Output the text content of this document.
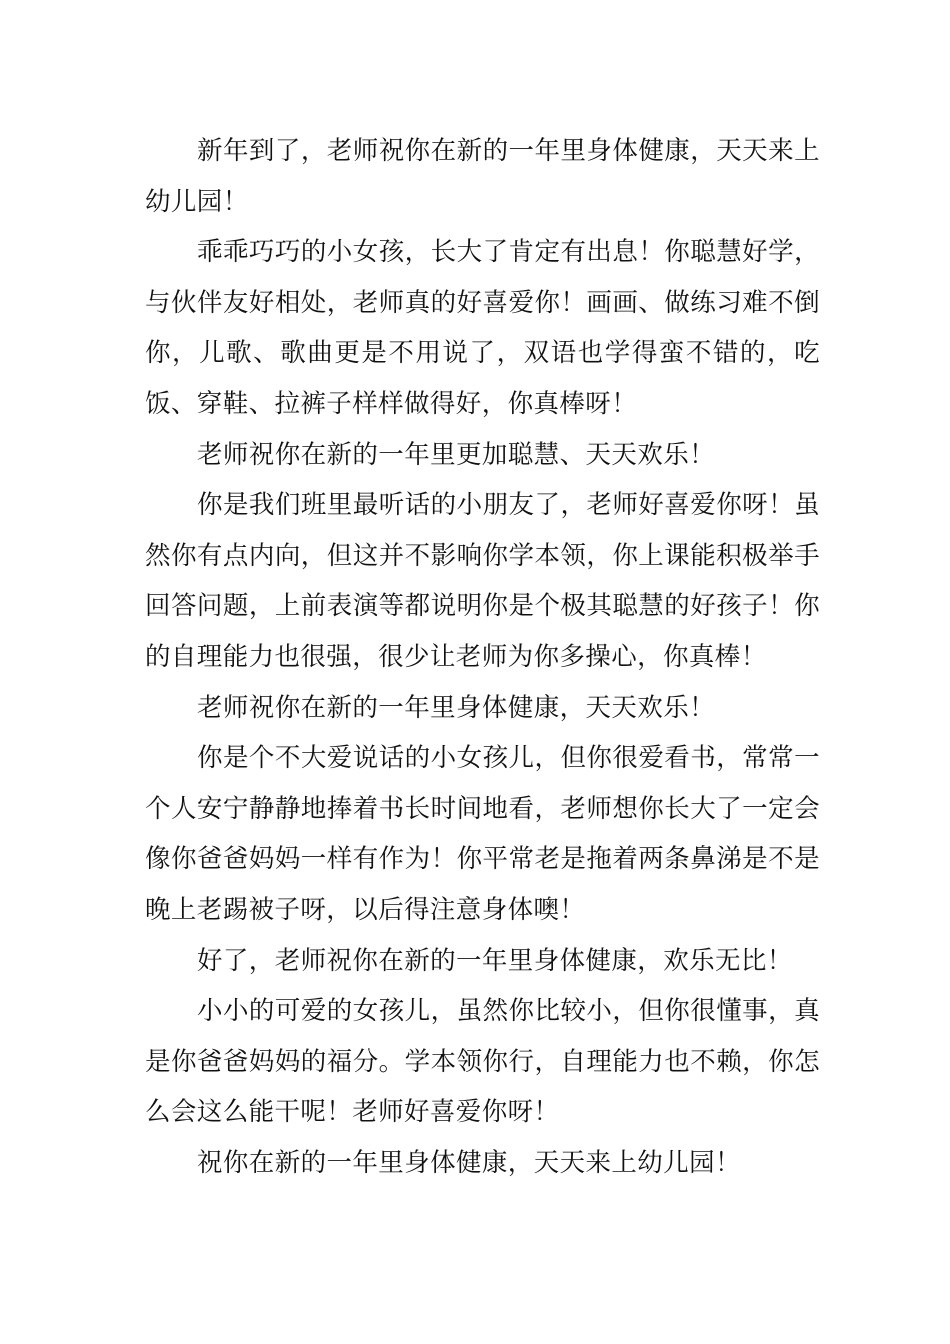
新年到了，老师祝你在新的一年里身体健康，天天来上幼儿园！

乖乖巧巧的小女孩，长大了肯定有出息！你聪慧好学，与伙伴友好相处，老师真的好喜爱你！画画、做练习难不倒你，儿歌、歌曲更是不用说了，双语也学得蛮不错的，吃饭、穿鞋、拉裤子样样做得好，你真棒呀！

老师祝你在新的一年里更加聪慧、天天欢乐！

你是我们班里最听话的小朋友了，老师好喜爱你呀！虽然你有点内向，但这并不影响你学本领，你上课能积极举手回答问题，上前表演等都说明你是个极其聪慧的好孩子！你的自理能力也很强，很少让老师为你多操心，你真棒！

老师祝你在新的一年里身体健康，天天欢乐！

你是个不大爱说话的小女孩儿，但你很爱看书，常常一个人安宁静静地捧着书长时间地看，老师想你长大了一定会像你爸爸妈妈一样有作为！你平常老是拖着两条鼻涕是不是晚上老踢被子呀，以后得注意身体噢！

好了，老师祝你在新的一年里身体健康，欢乐无比！

小小的可爱的女孩儿，虽然你比较小，但你很懂事，真是你爸爸妈妈的福分。学本领你行，自理能力也不赖，你怎么会这么能干呢！老师好喜爱你呀！

祝你在新的一年里身体健康，天天来上幼儿园！
